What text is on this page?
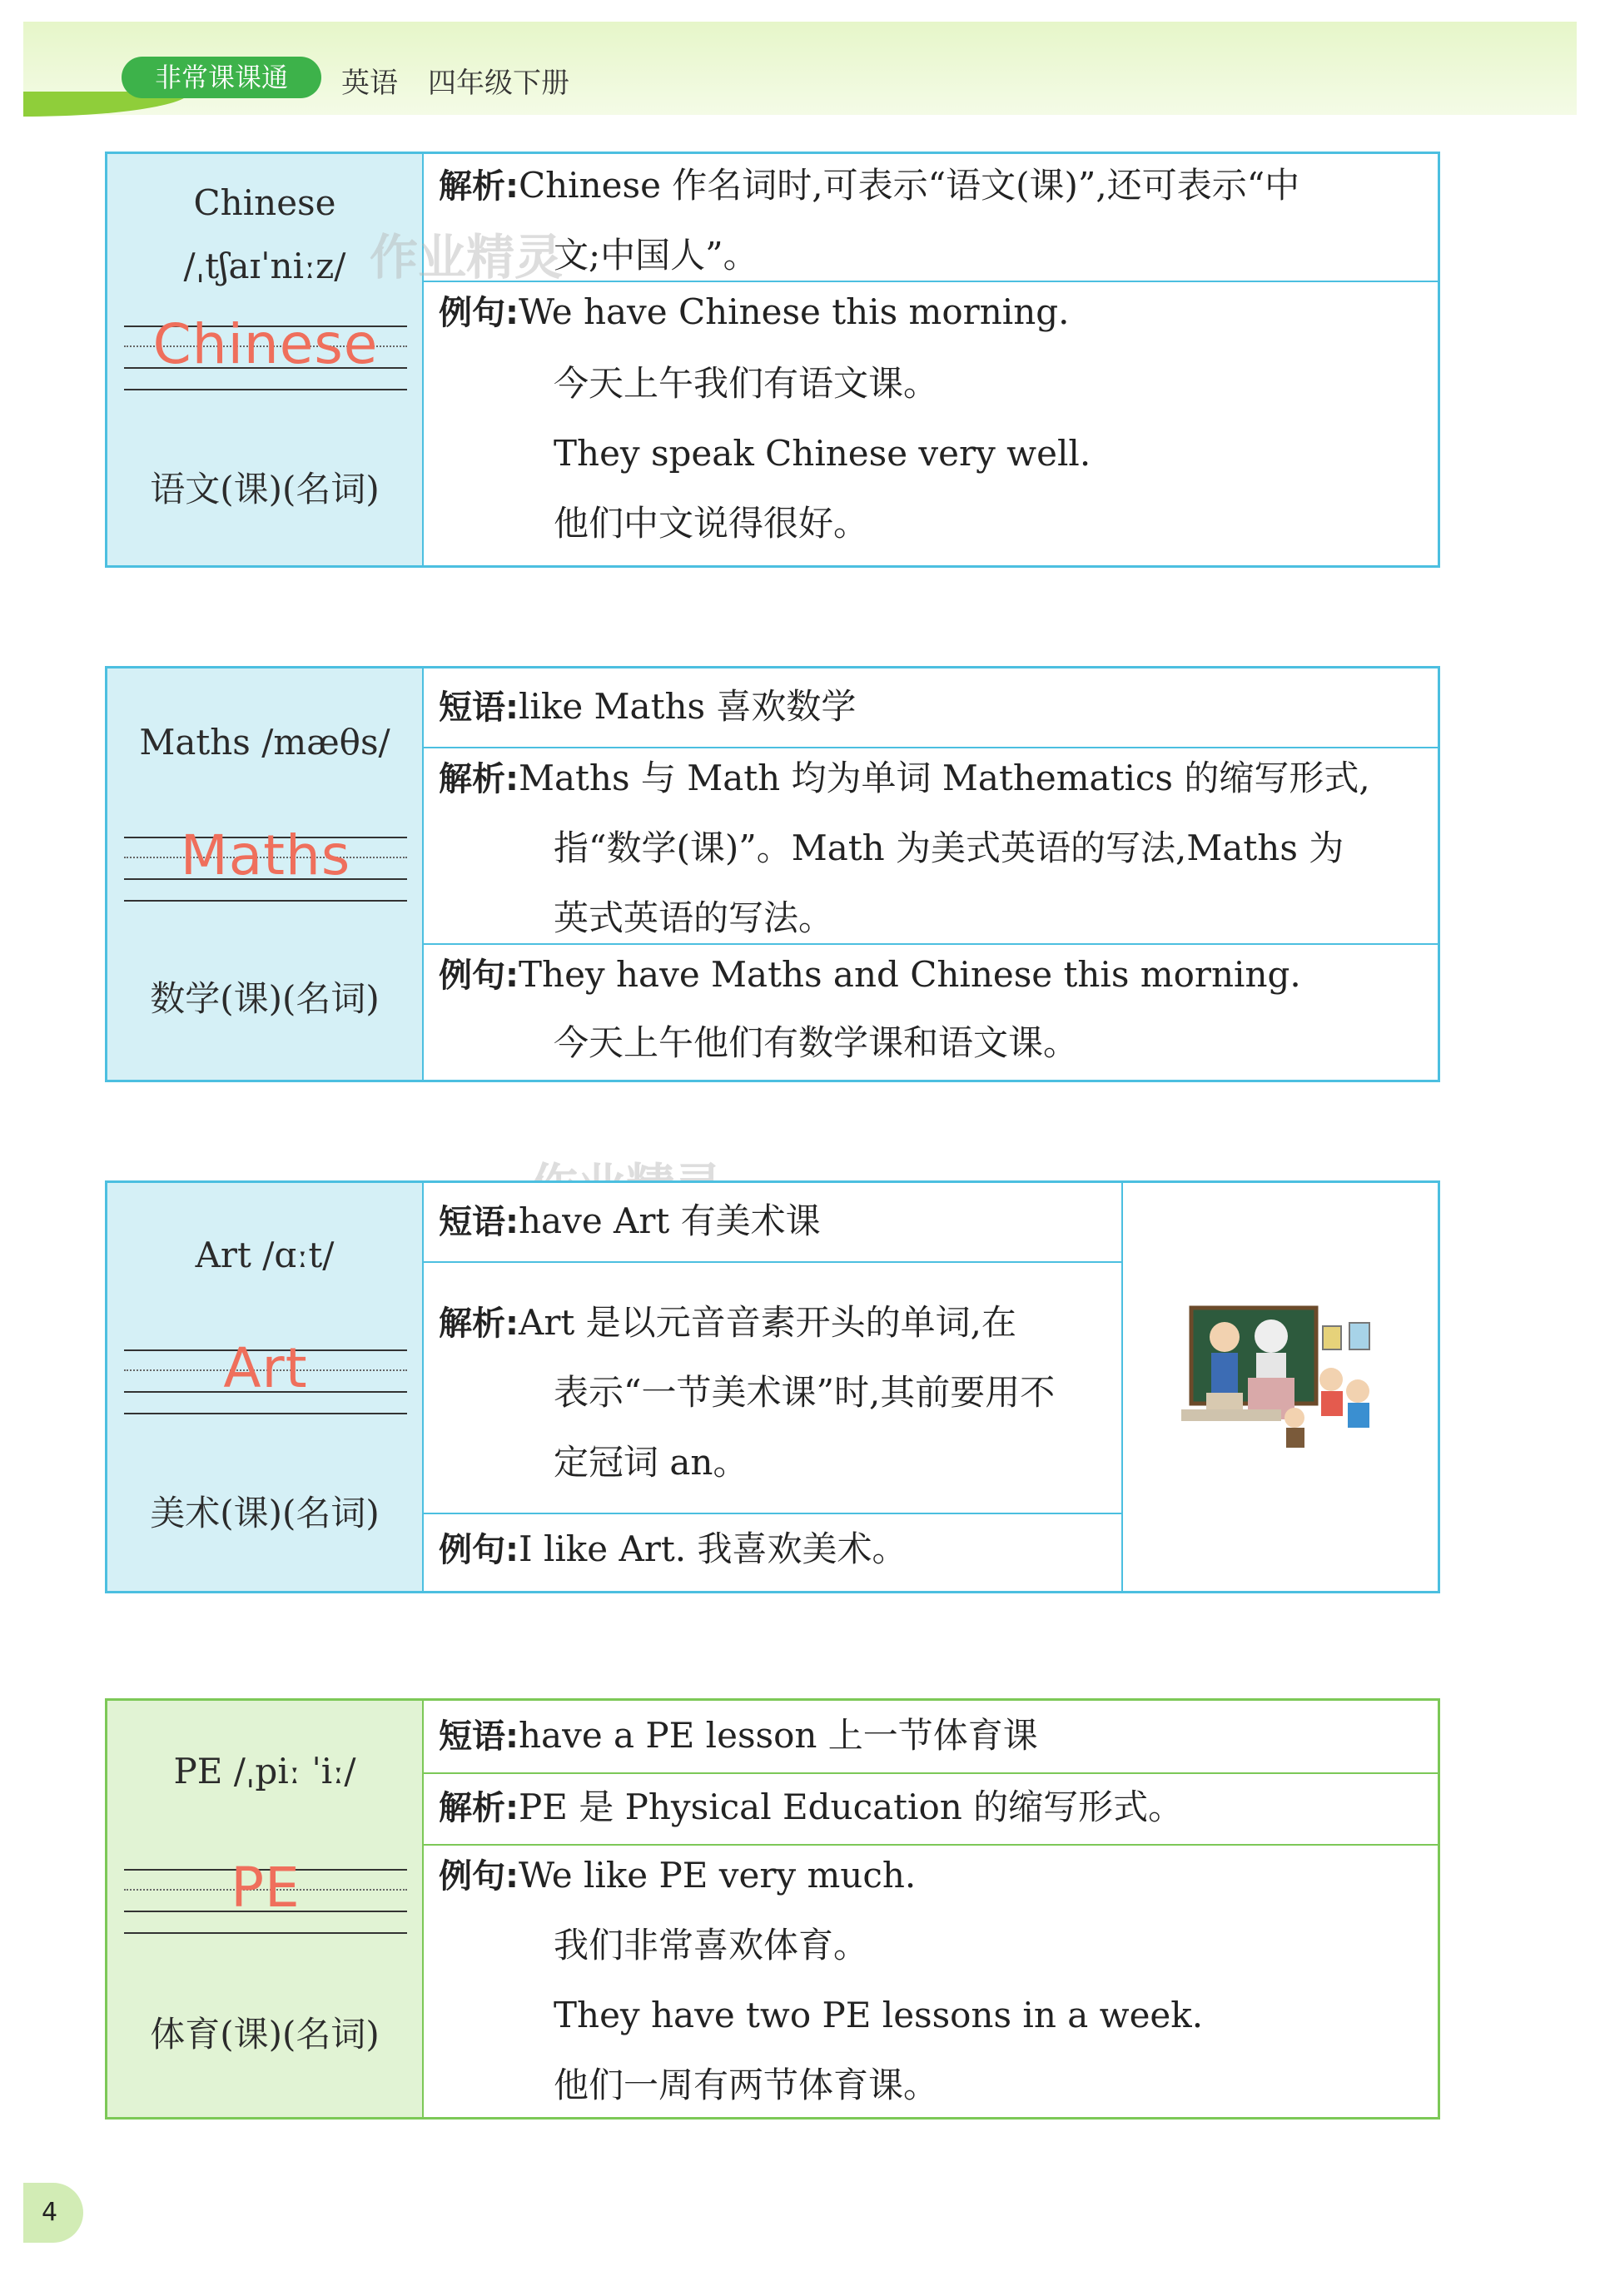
非常课课通	英语 四年级下册
Chinese
/ˌtʃaɪˈniːz/
Chinese
语文(课)(名词)
解析:Chinese 作名词时,可表示“语文(课)”,还可表示“中
文;中国人”。
例句:We have Chinese this morning.
今天上午我们有语文课。
They speak Chinese very well.
他们中文说得很好。
作业精灵
Maths /mæθs/
Maths
数学(课)(名词)
短语:like Maths 喜欢数学
解析:Maths 与 Math 均为单词 Mathematics 的缩写形式,
指“数学(课)”。Math 为美式英语的写法,Maths 为
英式英语的写法。
例句:They have Maths and Chinese this morning.
今天上午他们有数学课和语文课。
Art /ɑːt/
Art
美术(课)(名词)
短语:have Art 有美术课
解析:Art 是以元音音素开头的单词,在
表示“一节美术课”时,其前要用不
定冠词 an。
例句:I like Art. 我喜欢美术。
PE /ˌpiː ˈiː/
PE
体育(课)(名词)
短语:have a PE lesson 上一节体育课
解析:PE 是 Physical Education 的缩写形式。
例句:We like PE very much.
我们非常喜欢体育。
They have two PE lessons in a week.
他们一周有两节体育课。
4
